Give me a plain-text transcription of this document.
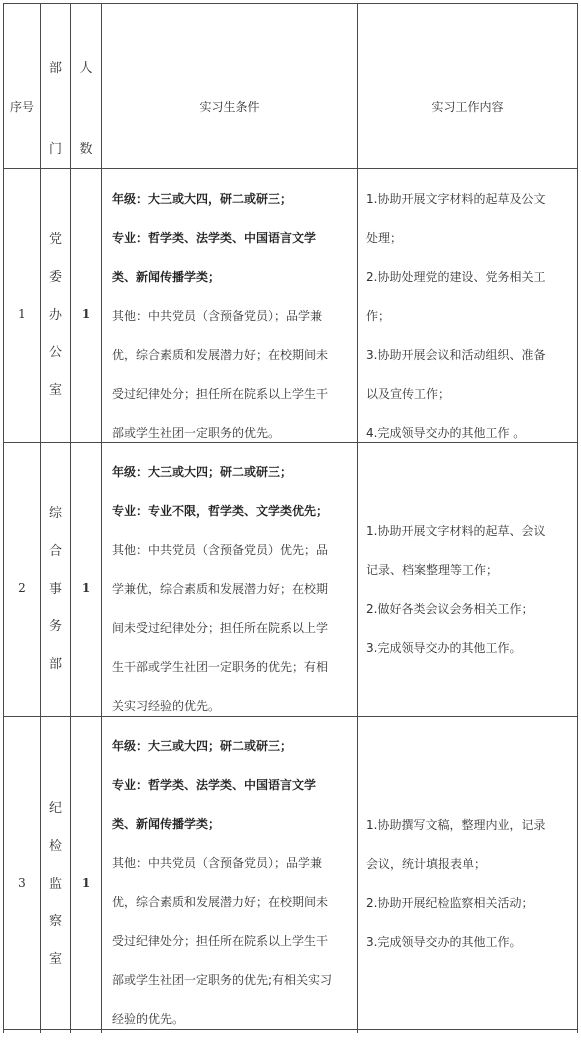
序号
部
门
人
数
实习生条件	实习工作内容
1
党
委
办
公
室
1
年级：大三或大四，研二或研三；
专业：哲学类、法学类、中国语言文学
类、新闻传播学类；
其他：中共党员（含预备党员）；品学兼
优，综合素质和发展潜力好；在校期间未
受过纪律处分；担任所在院系以上学生干
部或学生社团一定职务的优先。
1.协助开展文字材料的起草及公文
处理；
2.协助处理党的建设、党务相关工
作；
3.协助开展会议和活动组织、准备
以及宣传工作；
4.完成领导交办的其他工作 。
2
综
合
事
务
部
1
年级：大三或大四；研二或研三；
专业：专业不限，哲学类、文学类优先；
其他：中共党员（含预备党员）优先；品
学兼优，综合素质和发展潜力好；在校期
间未受过纪律处分；担任所在院系以上学
生干部或学生社团一定职务的优先；有相
关实习经验的优先。
1.协助开展文字材料的起草、会议
记录、档案整理等工作；
2.做好各类会议会务相关工作；
3.完成领导交办的其他工作。
3
纪
检
监
察
室
1
年级：大三或大四；研二或研三；
专业：哲学类、法学类、中国语言文学
类、新闻传播学类；
其他：中共党员（含预备党员）；品学兼
优，综合素质和发展潜力好；在校期间未
受过纪律处分；担任所在院系以上学生干
部或学生社团一定职务的优先;有相关实习
经验的优先。
1.协助撰写文稿，整理内业，记录
会议，统计填报表单；
2.协助开展纪检监察相关活动；
3.完成领导交办的其他工作。
